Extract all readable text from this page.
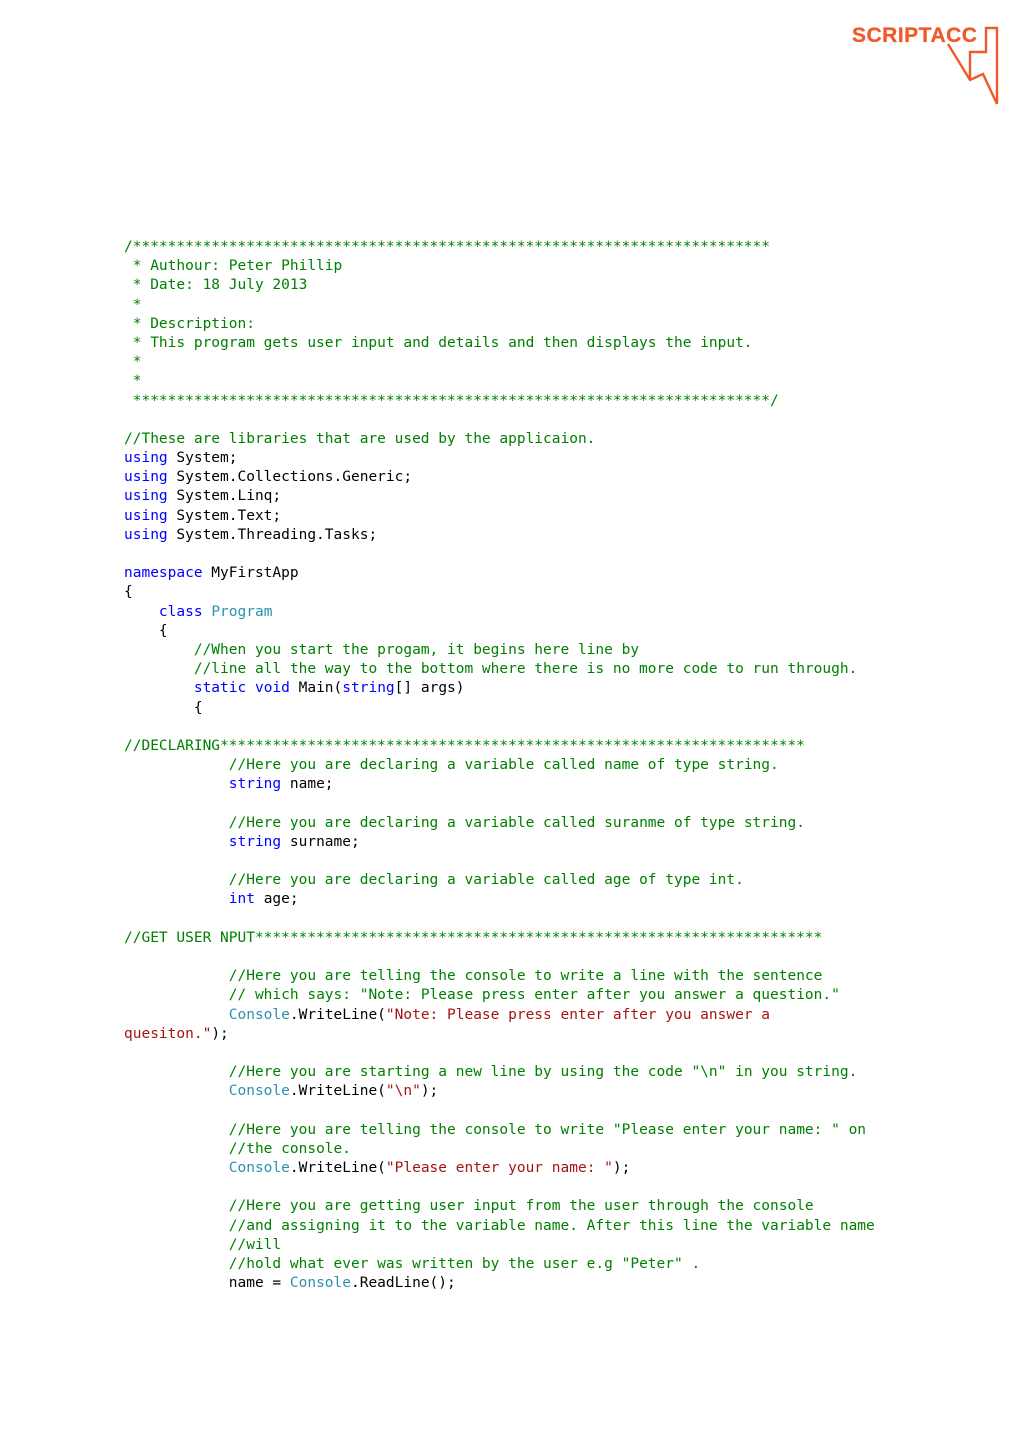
SCRIPTACC
/*************************************************************************
* Authour: Peter Phillip
* Date: 18 July 2013
*
* Description:
* This program gets user input and details and then displays the input.
*
*
*************************************************************************/
//These are libraries that are used by the applicaion.
using System;
using System.Collections.Generic;
using System.Linq;
using System.Text;
using System.Threading.Tasks;
namespace MyFirstApp
{
class Program
{
//When you start the progam, it begins here line by
//line all the way to the bottom where there is no more code to run through.
static void Main(string[] args)
{
//DECLARING*******************************************************************
//Here you are declaring a variable called name of type string.
string name;
//Here you are declaring a variable called suranme of type string.
string surname;
//Here you are declaring a variable called age of type int.
int age;
//GET USER NPUT*****************************************************************
//Here you are telling the console to write a line with the sentence
// which says: "Note: Please press enter after you answer a question."
Console.WriteLine("Note: Please press enter after you answer a
quesiton.");
//Here you are starting a new line by using the code "\n" in you string.
Console.WriteLine("\n");
//Here you are telling the console to write "Please enter your name: " on
//the console.
Console.WriteLine("Please enter your name: ");
//Here you are getting user input from the user through the console
//and assigning it to the variable name. After this line the variable name
//will
//hold what ever was written by the user e.g "Peter" .
name = Console.ReadLine();
